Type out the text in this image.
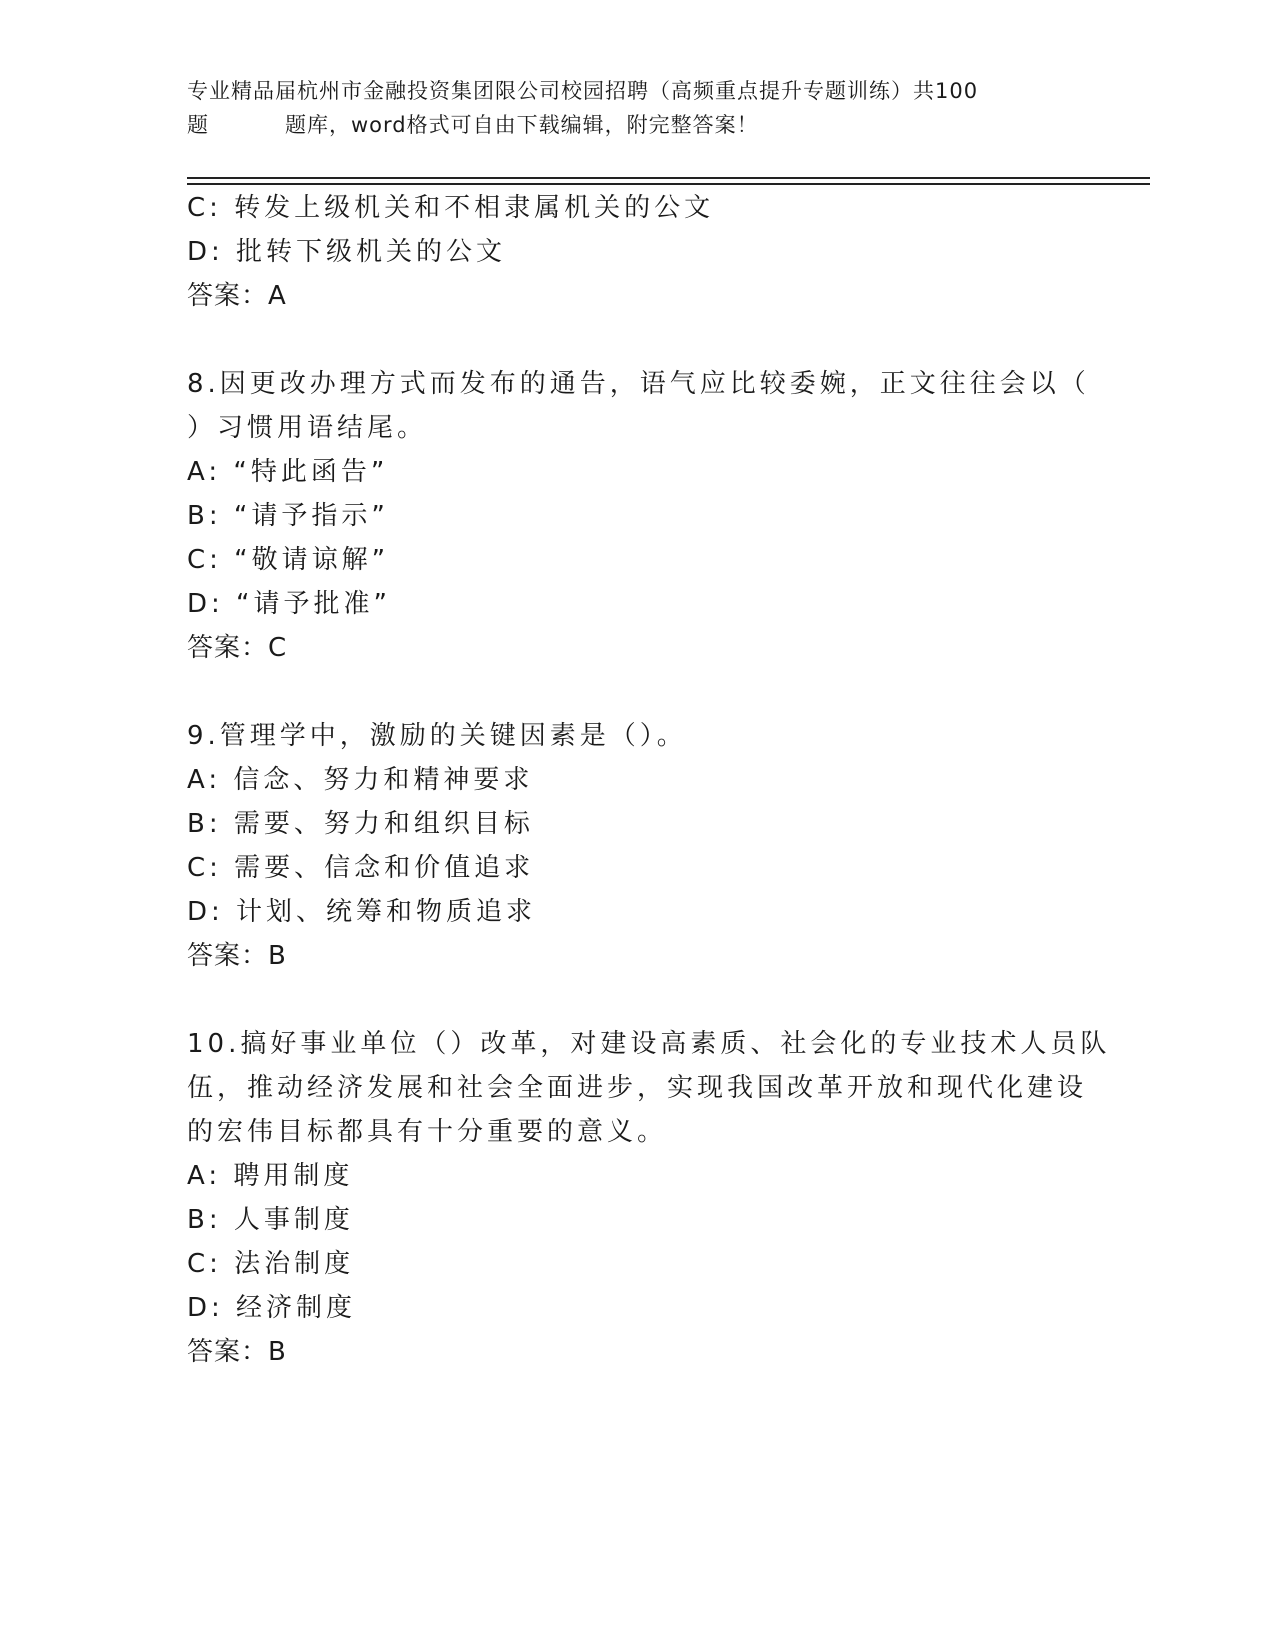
专业精品届杭州市金融投资集团限公司校园招聘（高频重点提升专题训练）共100
题	题库，word格式可自由下载编辑，附完整答案！
C: 转发上级机关和不相隶属机关的公文
D: 批转下级机关的公文
答案：A
8.因更改办理方式而发布的通告，语气应比较委婉，正文往往会以（
）习惯用语结尾。
A: “特此函告”
B: “请予指示”
C: “敬请谅解”
D: “请予批准”
答案：C
9.管理学中，激励的关键因素是（）。
A: 信念、努力和精神要求
B: 需要、努力和组织目标
C: 需要、信念和价值追求
D: 计划、统筹和物质追求
答案：B
10.搞好事业单位（）改革，对建设高素质、社会化的专业技术人员队
伍，推动经济发展和社会全面进步，实现我国改革开放和现代化建设
的宏伟目标都具有十分重要的意义。
A: 聘用制度
B: 人事制度
C: 法治制度
D: 经济制度
答案：B
